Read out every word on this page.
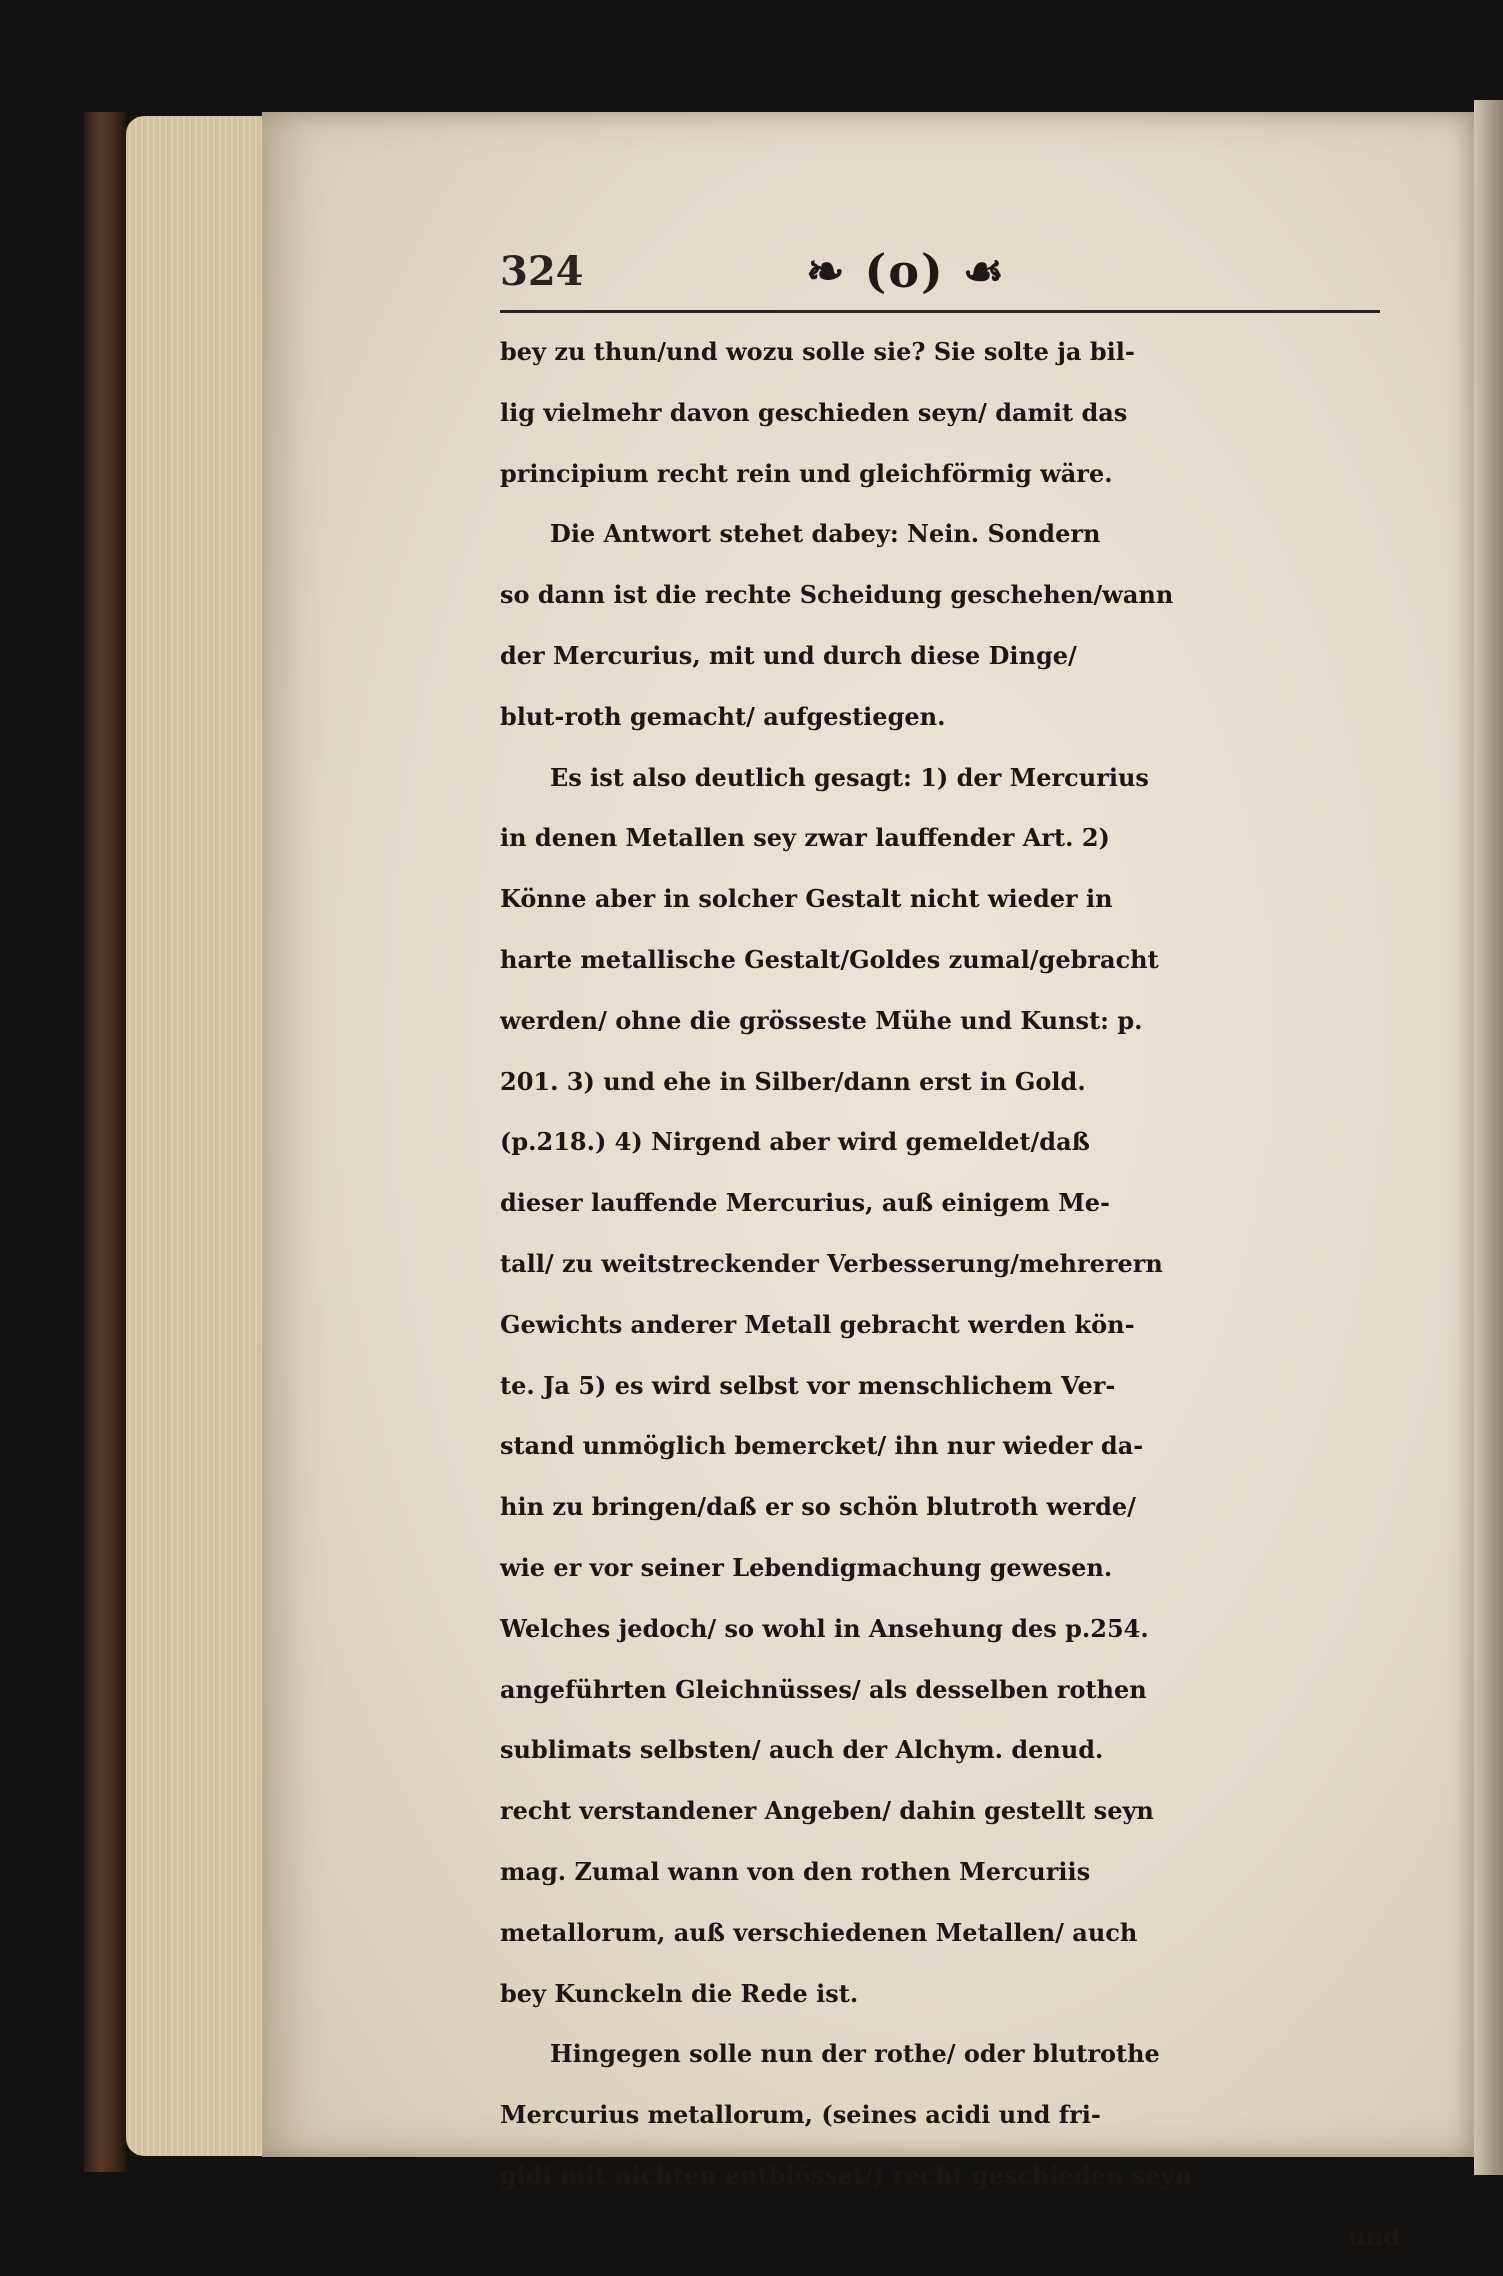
324	❧ (o) ☙
bey zu thun/und wozu solle sie? Sie solte ja bil-
lig vielmehr davon geschieden seyn/ damit das
principium recht rein und gleichförmig wäre.
Die Antwort stehet dabey: Nein. Sondern
so dann ist die rechte Scheidung geschehen/wann
der Mercurius, mit und durch diese Dinge/
blut-roth gemacht/ aufgestiegen.
Es ist also deutlich gesagt: 1) der Mercurius
in denen Metallen sey zwar lauffender Art. 2)
Könne aber in solcher Gestalt nicht wieder in
harte metallische Gestalt/Goldes zumal/gebracht
werden/ ohne die grösseste Mühe und Kunst: p.
201. 3) und ehe in Silber/dann erst in Gold.
(p.218.) 4) Nirgend aber wird gemeldet/daß
dieser lauffende Mercurius, auß einigem Me-
tall/ zu weitstreckender Verbesserung/mehrerern
Gewichts anderer Metall gebracht werden kön-
te. Ja 5) es wird selbst vor menschlichem Ver-
stand unmöglich bemercket/ ihn nur wieder da-
hin zu bringen/daß er so schön blutroth werde/
wie er vor seiner Lebendigmachung gewesen.
Welches jedoch/ so wohl in Ansehung des p.254.
angeführten Gleichnüsses/ als desselben rothen
sublimats selbsten/ auch der Alchym. denud.
recht verstandener Angeben/ dahin gestellt seyn
mag. Zumal wann von den rothen Mercuriis
metallorum, auß verschiedenen Metallen/ auch
bey Kunckeln die Rede ist.
Hingegen solle nun der rothe/ oder blutrothe
Mercurius metallorum, (seines acidi und fri-
gidi mit nichten entblösset/) recht geschieden seyn
und
